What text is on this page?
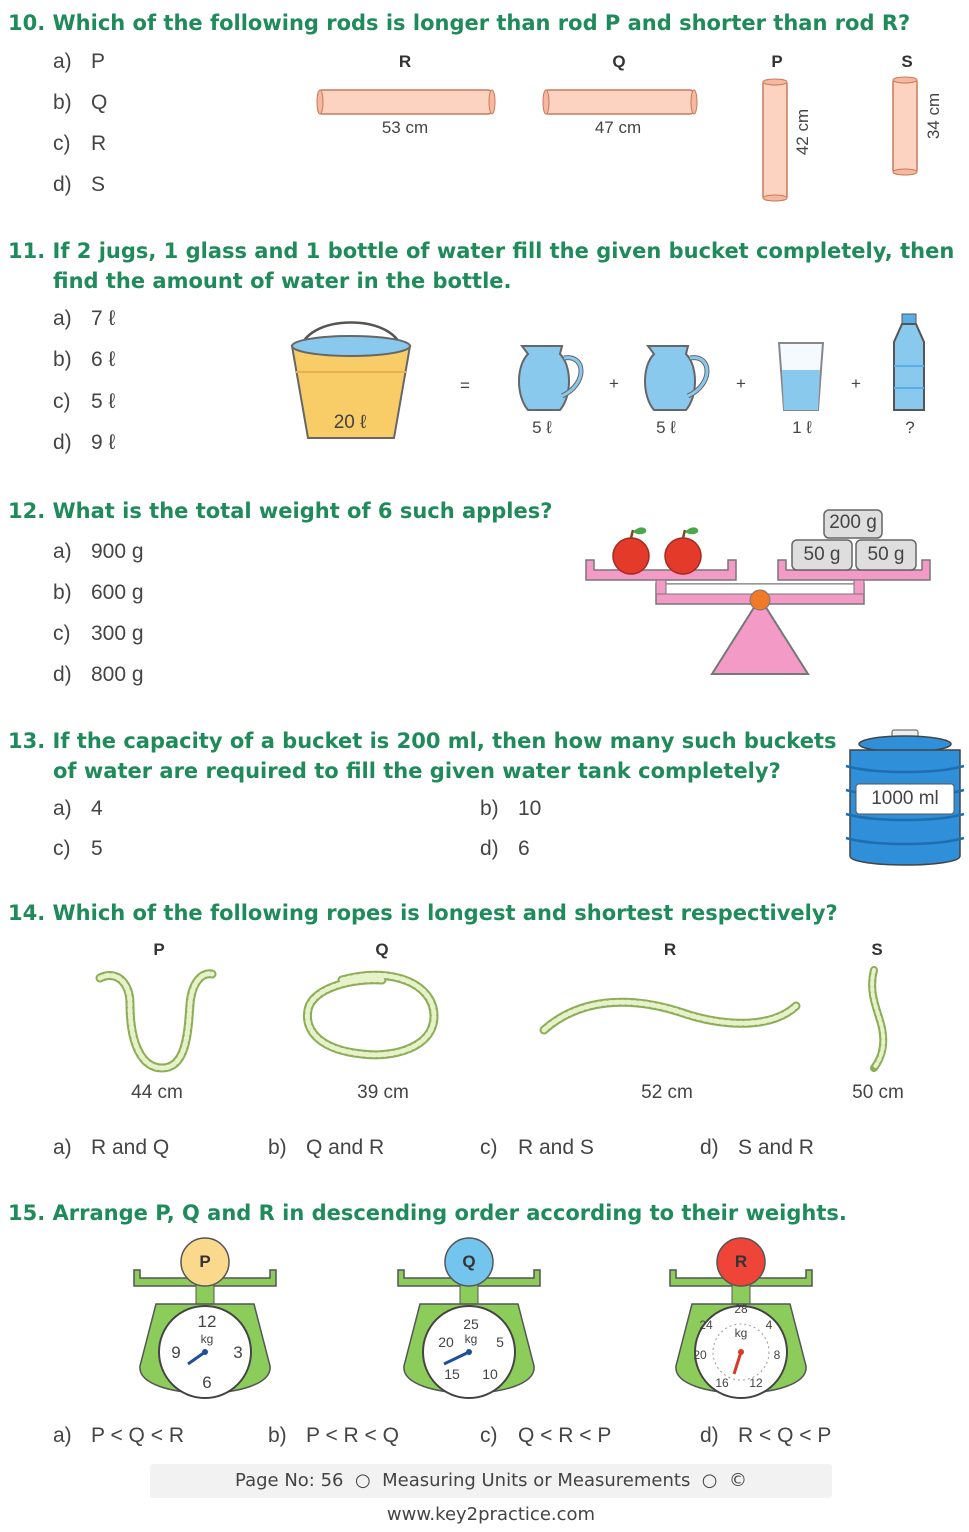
10. Which of the following rods is longer than rod P and shorter than rod R?
a) P
b) Q
c) R
d) S
R	Q	P	S
53 cm	47 cm	42 cm	34 cm
11. If 2 jugs, 1 glass and 1 bottle of water fill the given bucket completely, then
find the amount of water in the bottle.
a) 7 ℓ
b) 6 ℓ
c) 5 ℓ
d) 9 ℓ
20 ℓ
=
5 ℓ
+
5 ℓ
+
1 ℓ
+
?
12. What is the total weight of 6 such apples?
a) 900 g
b) 600 g
c) 300 g
d) 800 g
200 g
50 g	50 g
13. If the capacity of a bucket is 200 ml, then how many such buckets
of water are required to fill the given water tank completely?
a) 4	b) 10
c) 5	d) 6
1000 ml
14. Which of the following ropes is longest and shortest respectively?
P	Q	R	S
44 cm	39 cm	52 cm	50 cm
a) R and Q	b) Q and R	c) R and S	d) S and R
15. Arrange P, Q and R in descending order according to their weights.
P
12
kg
3
6
9
Q
25
kg	5
10
15
20
R
28
kg
4
8
12
16
20
24
a) P < Q < R	b) P < R < Q	c) Q < R < P	d) R < Q < P
Page No: 56 ○ Measuring Units or Measurements ○ © www.key2practice.com
